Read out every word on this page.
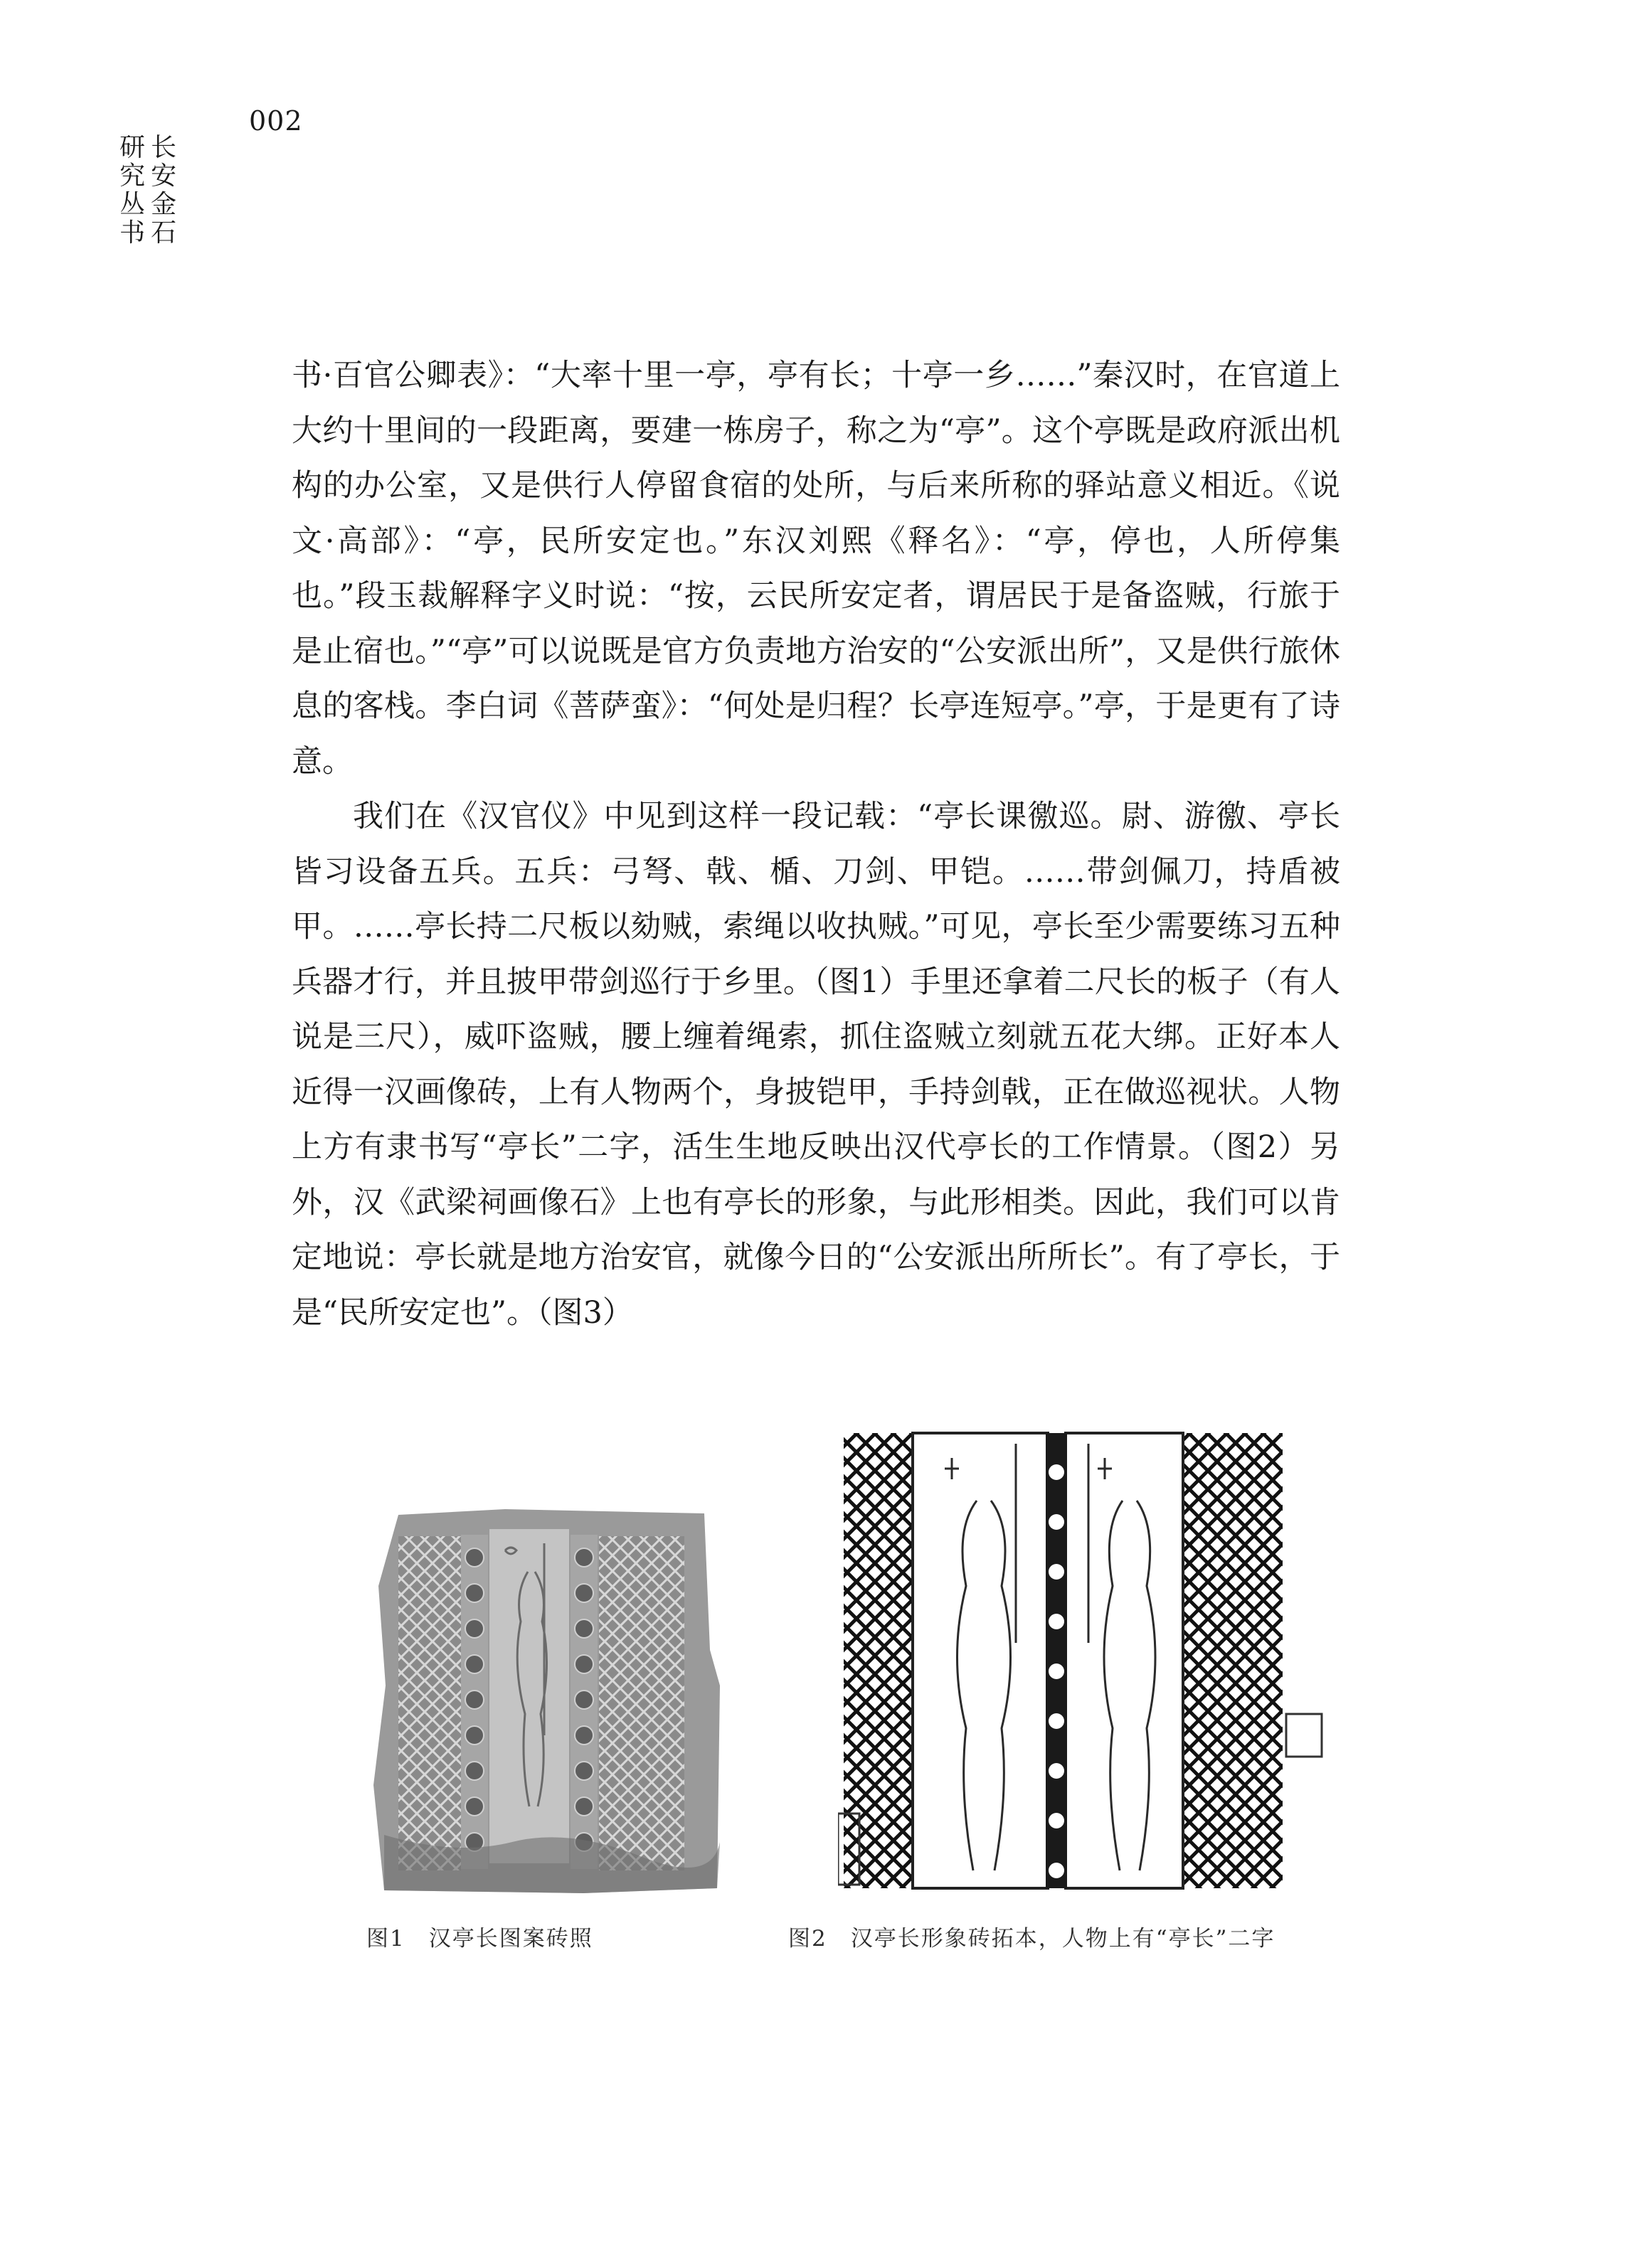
002
长
安
金
石
研
究
丛
书

书·百官公卿表》：“大率十里一亭，亭有长；十亭一乡……”秦汉时，在官道上大约十里间的一段距离，要建一栋房子，称之为“亭”。这个亭既是政府派出机构的办公室，又是供行人停留食宿的处所，与后来所称的驿站意义相近。《说文·高部》：“亭，民所安定也。”东汉刘熙《释名》：“亭，停也，人所停集也。”段玉裁解释字义时说：“按，云民所安定者，谓居民于是备盗贼，行旅于是止宿也。”“亭”可以说既是官方负责地方治安的“公安派出所”，又是供行旅休息的客栈。李白词《菩萨蛮》：“何处是归程？长亭连短亭。”亭，于是更有了诗意。

我们在《汉官仪》中见到这样一段记载：“亭长课徼巡。尉、游徼、亭长皆习设备五兵。五兵：弓弩、戟、楯、刀剑、甲铠。……带剑佩刀，持盾被甲。……亭长持二尺板以劾贼，索绳以收执贼。”可见，亭长至少需要练习五种兵器才行，并且披甲带剑巡行于乡里。（图1）手里还拿着二尺长的板子（有人说是三尺），威吓盗贼，腰上缠着绳索，抓住盗贼立刻就五花大绑。正好本人近得一汉画像砖，上有人物两个，身披铠甲，手持剑戟，正在做巡视状。人物上方有隶书写“亭长”二字，活生生地反映出汉代亭长的工作情景。（图2）另外，汉《武梁祠画像石》上也有亭长的形象，与此形相类。因此，我们可以肯定地说：亭长就是地方治安官，就像今日的“公安派出所所长”。有了亭长，于是“民所安定也”。（图3）

图1　汉亭长图案砖照	图2　汉亭长形象砖拓本，人物上有“亭长”二字
